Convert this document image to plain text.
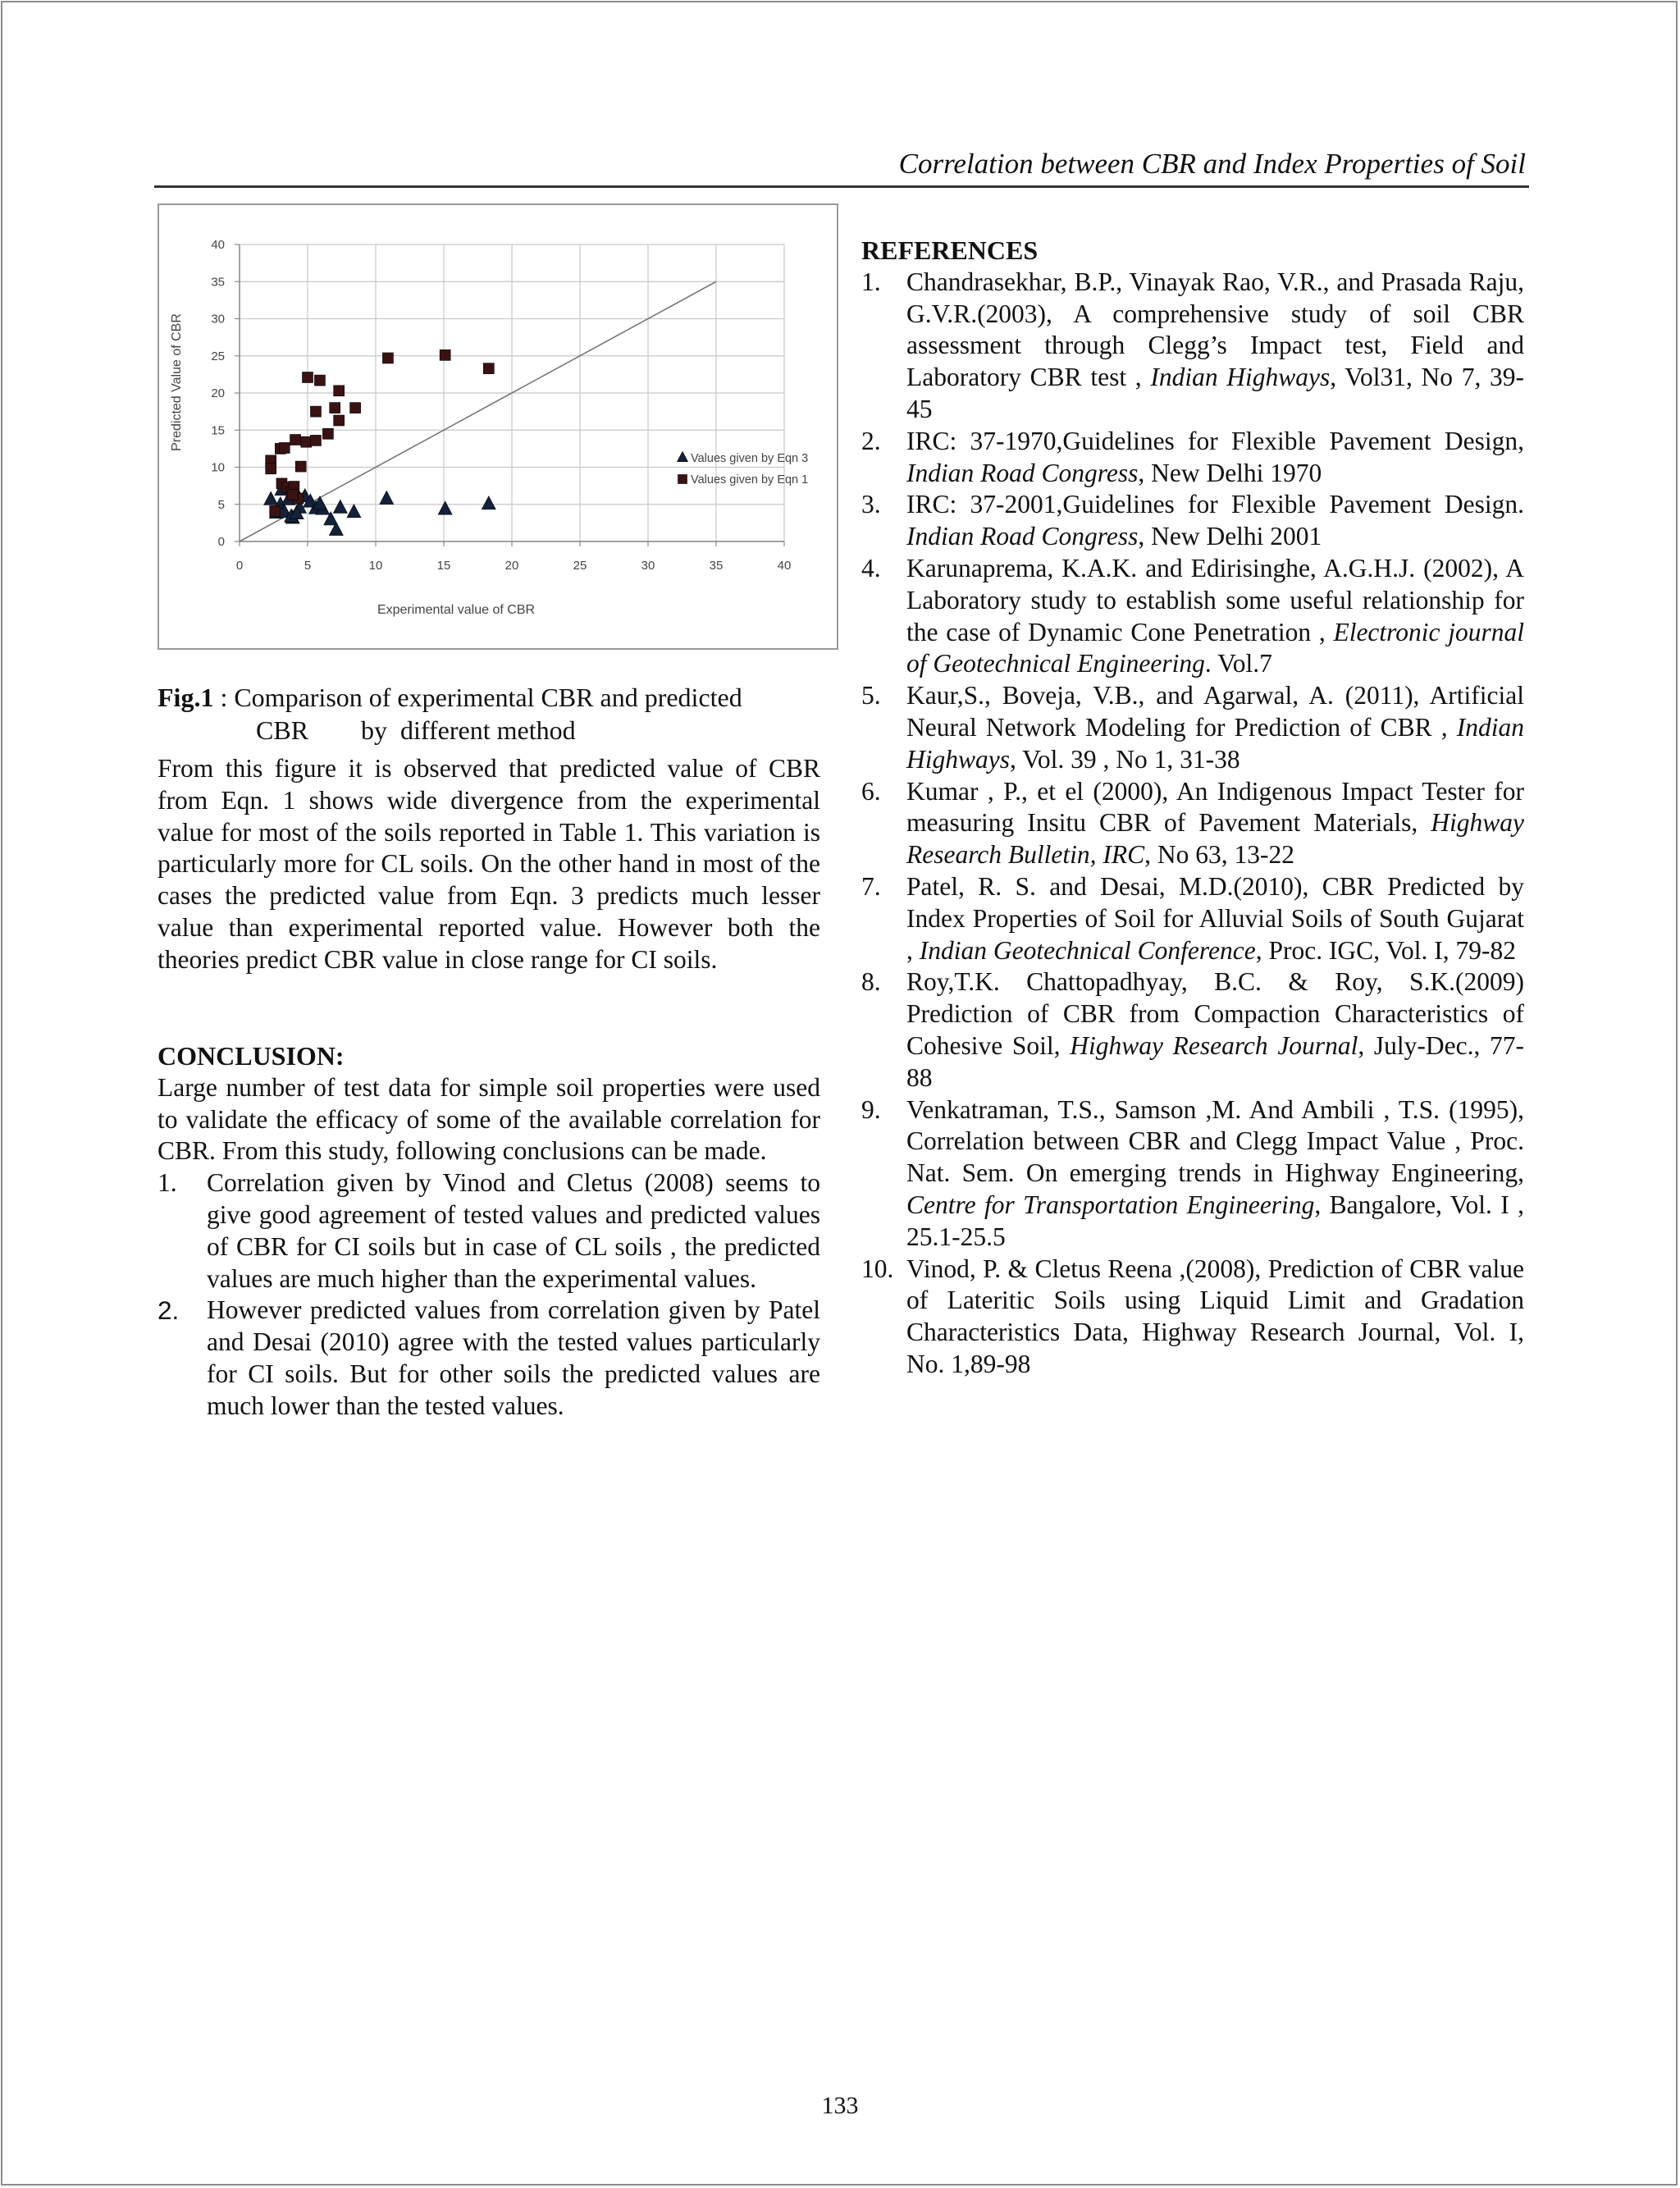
Correlation between CBR and Index Properties of Soil
0	5	10	15	20	25	30	35	40
0
5
10
15
20
25
30
35
40
Values given by Eqn 3
Values given by Eqn 1
Experimental value of CBR
Predicted Value of CBR
Fig.1 : Comparison of experimental CBR and predicted
CBR        by  different method

From this figure it is observed that predicted value of CBR from Eqn. 1 shows wide divergence from the experimental value for most of the soils reported in Table 1. This variation is particularly more for CL soils. On the other hand in most of the cases the predicted value from Eqn. 3 predicts much lesser value than experimental reported value. However both the theories predict CBR value in close range for CI soils.

CONCLUSION:

Large number of test data for simple soil properties were used to validate the efficacy of some of the available correlation for CBR. From this study, following conclusions can be made.

1. Correlation given by Vinod and Cletus (2008) seems to give good agreement of tested values and predicted values of CBR for CI soils but in case of CL soils , the predicted values are much higher than the experimental values.
2. However predicted values from correlation given by Patel and Desai (2010) agree with the tested values particularly for CI soils. But for other soils the predicted values are much lower than the tested values.
REFERENCES
1. Chandrasekhar, B.P., Vinayak Rao, V.R., and Prasada Raju, G.V.R.(2003), A comprehensive study of soil CBR assessment through Clegg’s Impact test, Field and Laboratory CBR test , Indian Highways, Vol31, No 7, 39-45
2. IRC: 37-1970,Guidelines for Flexible Pavement Design, Indian Road Congress, New Delhi 1970
3. IRC: 37-2001,Guidelines for Flexible Pavement Design. Indian Road Congress, New Delhi 2001
4. Karunaprema, K.A.K. and Edirisinghe, A.G.H.J. (2002), A Laboratory study to establish some useful relationship for the case of Dynamic Cone Penetration , Electronic journal of Geotechnical Engineering. Vol.7
5. Kaur,S., Boveja, V.B., and Agarwal, A. (2011), Artificial Neural Network Modeling for Prediction of CBR , Indian Highways, Vol. 39 , No 1, 31-38
6. Kumar , P., et el (2000), An Indigenous Impact Tester for measuring Insitu CBR of Pavement Materials, Highway Research Bulletin, IRC, No 63, 13-22
7. Patel, R. S. and Desai, M.D.(2010), CBR Predicted by Index Properties of Soil for Alluvial Soils of South Gujarat , Indian Geotechnical Conference, Proc. IGC, Vol. I, 79-82
8. Roy,T.K. Chattopadhyay, B.C. & Roy, S.K.(2009) Prediction of CBR from Compaction Characteristics of Cohesive Soil, Highway Research Journal, July-Dec., 77-88
9. Venkatraman, T.S., Samson ,M. And Ambili , T.S. (1995), Correlation between CBR and Clegg Impact Value , Proc. Nat. Sem. On emerging trends in Highway Engineering, Centre for Transportation Engineering, Bangalore, Vol. I , 25.1-25.5
10. Vinod, P. & Cletus Reena ,(2008), Prediction of CBR value of Lateritic Soils using Liquid Limit and Gradation Characteristics Data, Highway Research Journal, Vol. I, No. 1,89-98
133
